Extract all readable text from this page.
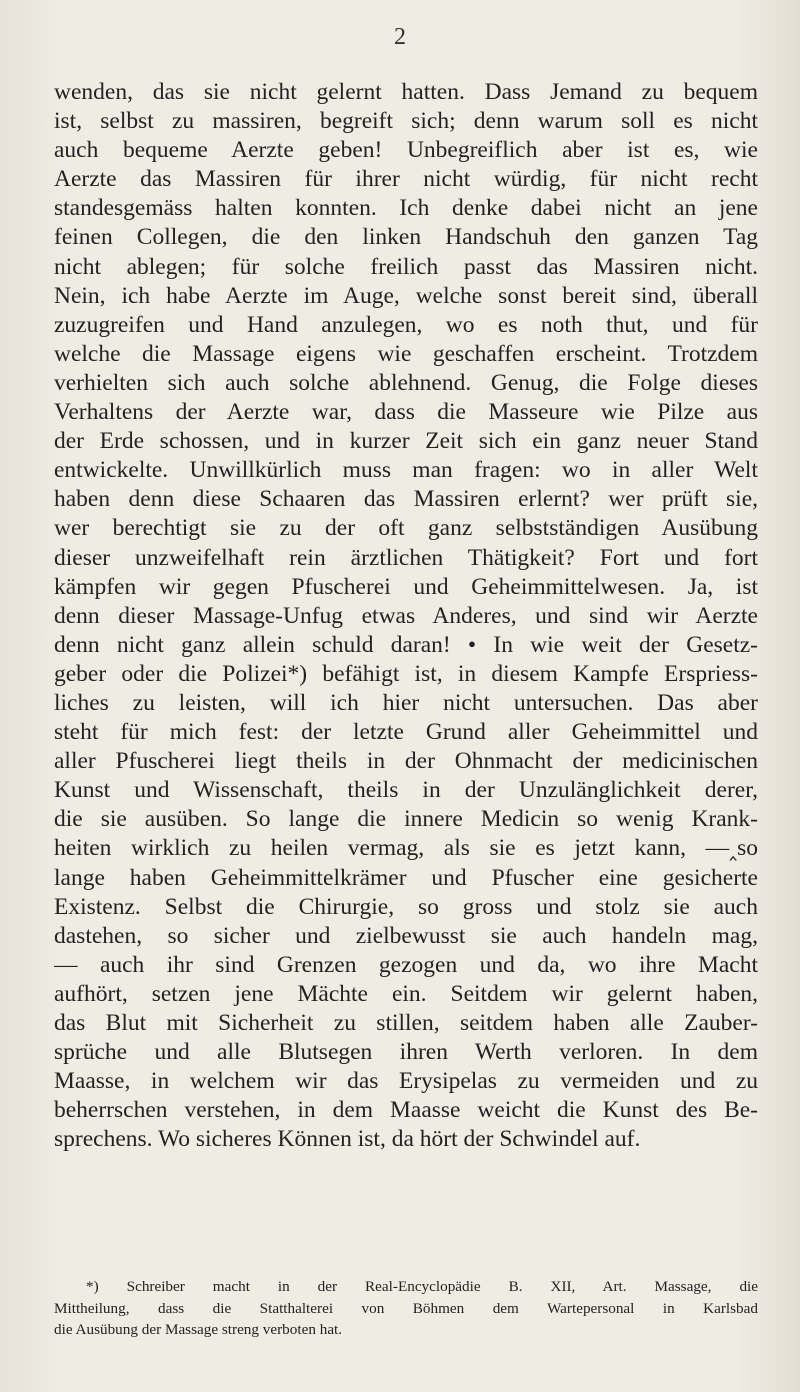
2
wenden, das sie nicht gelernt hatten. Dass Jemand zu bequem
ist, selbst zu massiren, begreift sich; denn warum soll es nicht
auch bequeme Aerzte geben! Unbegreiflich aber ist es, wie
Aerzte das Massiren für ihrer nicht würdig, für nicht recht
standesgemäss halten konnten. Ich denke dabei nicht an jene
feinen Collegen, die den linken Handschuh den ganzen Tag
nicht ablegen; für solche freilich passt das Massiren nicht.
Nein, ich habe Aerzte im Auge, welche sonst bereit sind, überall
zuzugreifen und Hand anzulegen, wo es noth thut, und für
welche die Massage eigens wie geschaffen erscheint. Trotzdem
verhielten sich auch solche ablehnend. Genug, die Folge dieses
Verhaltens der Aerzte war, dass die Masseure wie Pilze aus
der Erde schossen, und in kurzer Zeit sich ein ganz neuer Stand
entwickelte. Unwillkürlich muss man fragen: wo in aller Welt
haben denn diese Schaaren das Massiren erlernt? wer prüft sie,
wer berechtigt sie zu der oft ganz selbstständigen Ausübung
dieser unzweifelhaft rein ärztlichen Thätigkeit? Fort und fort
kämpfen wir gegen Pfuscherei und Geheimmittelwesen. Ja, ist
denn dieser Massage-Unfug etwas Anderes, und sind wir Aerzte
denn nicht ganz allein schuld daran! • In wie weit der Gesetz-
geber oder die Polizei*) befähigt ist, in diesem Kampfe Erspriess-
liches zu leisten, will ich hier nicht untersuchen. Das aber
steht für mich fest: der letzte Grund aller Geheimmittel und
aller Pfuscherei liegt theils in der Ohnmacht der medicinischen
Kunst und Wissenschaft, theils in der Unzulänglichkeit derer,
die sie ausüben. So lange die innere Medicin so wenig Krank-
heiten wirklich zu heilen vermag, als sie es jetzt kann, —‸so
lange haben Geheimmittelkrämer und Pfuscher eine gesicherte
Existenz. Selbst die Chirurgie, so gross und stolz sie auch
dastehen, so sicher und zielbewusst sie auch handeln mag,
— auch ihr sind Grenzen gezogen und da, wo ihre Macht
aufhört, setzen jene Mächte ein. Seitdem wir gelernt haben,
das Blut mit Sicherheit zu stillen, seitdem haben alle Zauber-
sprüche und alle Blutsegen ihren Werth verloren. In dem
Maasse, in welchem wir das Erysipelas zu vermeiden und zu
beherrschen verstehen, in dem Maasse weicht die Kunst des Be-
sprechens. Wo sicheres Können ist, da hört der Schwindel auf.
*) Schreiber macht in der Real-Encyclopädie B. XII, Art. Massage, die
Mittheilung, dass die Statthalterei von Böhmen dem Wartepersonal in Karlsbad
die Ausübung der Massage streng verboten hat.
